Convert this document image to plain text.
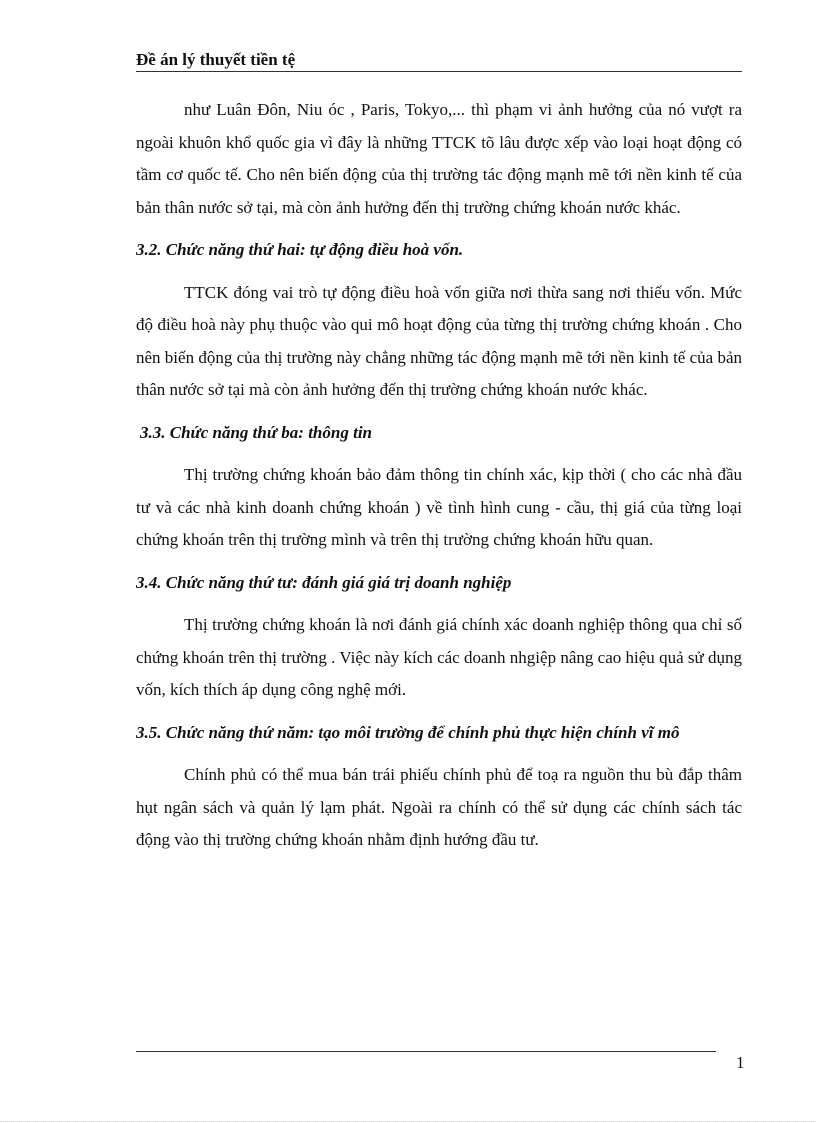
Đề án lý thuyết tiền tệ

như Luân Đôn, Niu óc , Paris, Tokyo,... thì phạm vi ảnh hưởng của nó vượt ra ngoài khuôn khổ quốc gia vì đây là những TTCK tõ lâu được xếp vào loại hoạt động có tầm cơ quốc tế. Cho nên biến động của thị trường tác động mạnh mẽ tới nền kinh tế của bản thân nước sở tại, mà còn ảnh hưởng đến thị trường chứng khoán nước khác.

3.2. Chức năng thứ hai: tự động điều hoà vốn.

TTCK đóng vai trò tự động điều hoà vốn giữa nơi thừa sang nơi thiếu vốn. Mức độ điều hoà này phụ thuộc vào qui mô hoạt động của từng thị trường chứng khoán . Cho nên biến động của thị trường này chẳng những tác động mạnh mẽ tới nền kinh tế của bản thân nước sở tại mà còn ảnh hưởng đến thị trường chứng khoán nước khác.

3.3. Chức năng thứ ba: thông tin

Thị trường chứng khoán bảo đảm thông tin chính xác, kịp thời ( cho các nhà đầu tư và các nhà kinh doanh chứng khoán ) về tình hình cung - cầu, thị giá của từng loại chứng khoán trên thị trường mình và trên thị trường chứng khoán hữu quan.

3.4. Chức năng thứ tư: đánh giá giá trị doanh nghiệp

Thị trường chứng khoán là nơi đánh giá chính xác doanh nghiệp thông qua chỉ số chứng khoán trên thị trường . Việc này kích các doanh nhgiệp nâng cao hiệu quả sử dụng vốn, kích thích áp dụng công nghệ mới.

3.5. Chức năng thứ năm: tạo môi trường để chính phủ thực hiện chính vĩ mô

Chính phủ có thể mua bán trái phiếu chính phủ để toạ ra nguồn thu bù đắp thâm hụt ngân sách và quản lý lạm phát. Ngoài ra chính có thể sử dụng các chính sách tác động vào thị trường chứng khoán nhằm định hướng đầu tư.

1
